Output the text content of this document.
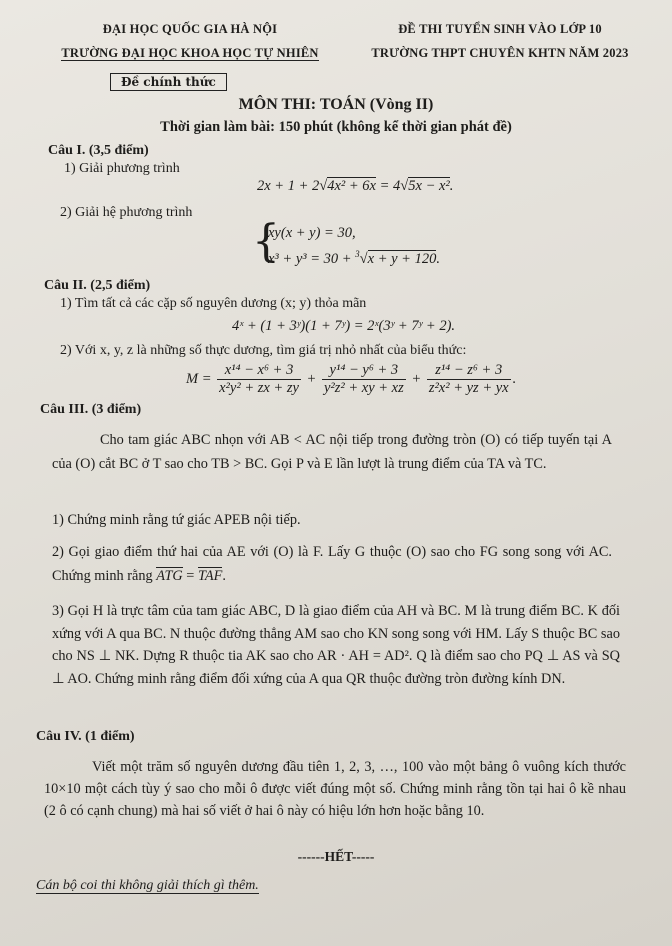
ĐẠI HỌC QUỐC GIA HÀ NỘI
TRƯỜNG ĐẠI HỌC KHOA HỌC TỰ NHIÊN
ĐỀ THI TUYỂN SINH VÀO LỚP 10
TRƯỜNG THPT CHUYÊN KHTN NĂM 2023
Đề chính thức
MÔN THI: TOÁN (Vòng II)
Thời gian làm bài: 150 phút (không kể thời gian phát đề)
Câu I. (3,5 điểm)
1) Giải phương trình
2x + 1 + 2√4x² + 6x = 4√5x − x².
2) Giải hệ phương trình
{
xy(x + y) = 30,
x³ + y³ = 30 + $^3$√x + y + 120.
Câu II. (2,5 điểm)
1) Tìm tất cả các cặp số nguyên dương (x; y) thỏa mãn
4ˣ + (1 + 3ʸ)(1 + 7ʸ) = 2ˣ(3ʸ + 7ʸ + 2).
2) Với x, y, z là những số thực dương, tìm giá trị nhỏ nhất của biểu thức:
$M = \frac{\text{x¹⁴ − x⁶ + 3}}{\text{x²y² + zx + zy}} + \frac{\text{y¹⁴ − y⁶ + 3}}{\text{y²z² + xy + xz}} + \frac{\text{z¹⁴ − z⁶ + 3}}{\text{z²x² + yz + yx}}$ .
Câu III. (3 điểm)
Cho tam giác ABC nhọn với AB < AC nội tiếp trong đường tròn (O) có tiếp tuyến tại A của (O) cắt BC ở T sao cho TB > BC. Gọi P và E lần lượt là trung điểm của TA và TC.
1) Chứng minh rằng tứ giác APEB nội tiếp.
2) Gọi giao điểm thứ hai của AE với (O) là F. Lấy G thuộc (O) sao cho FG song song với AC. Chứng minh rằng ATG = TAF.
3) Gọi H là trực tâm của tam giác ABC, D là giao điểm của AH và BC. M là trung điểm BC. K đối xứng với A qua BC. N thuộc đường thẳng AM sao cho KN song song với HM. Lấy S thuộc BC sao cho NS ⊥ NK. Dựng R thuộc tia AK sao cho AR · AH = AD². Q là điểm sao cho PQ ⊥ AS và SQ ⊥ AO. Chứng minh rằng điểm đối xứng của A qua QR thuộc đường tròn đường kính DN.
Câu IV. (1 điểm)
Viết một trăm số nguyên dương đầu tiên 1, 2, 3, …, 100 vào một bảng ô vuông kích thước 10×10 một cách tùy ý sao cho mỗi ô được viết đúng một số. Chứng minh rằng tồn tại hai ô kề nhau (2 ô có cạnh chung) mà hai số viết ở hai ô này có hiệu lớn hơn hoặc bằng 10.
------HẾT-----
Cán bộ coi thi không giải thích gì thêm.
